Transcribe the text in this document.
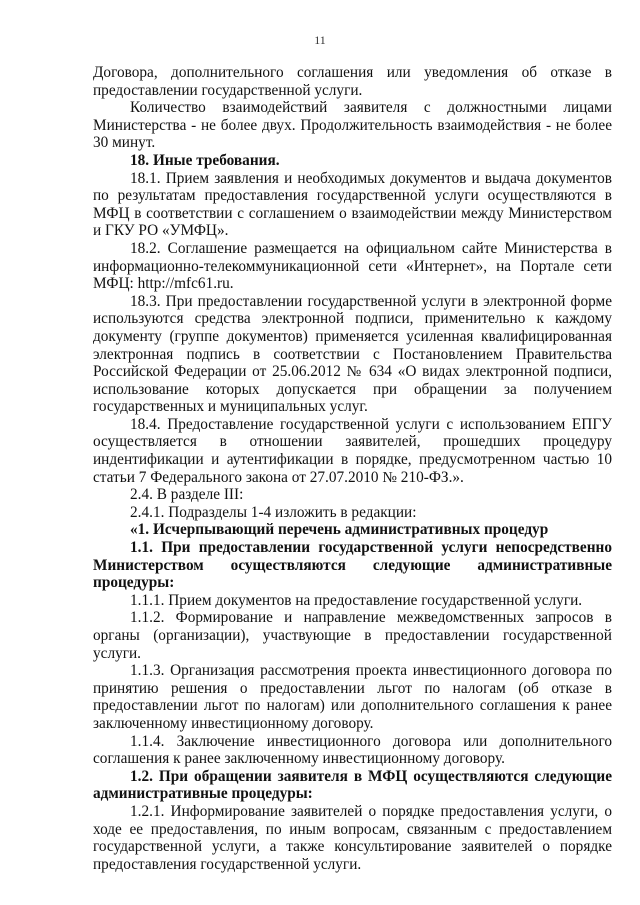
11

Договора, дополнительного соглашения или уведомления об отказе в предоставлении государственной услуги.

Количество взаимодействий заявителя с должностными лицами Министерства - не более двух. Продолжительность взаимодействия - не более 30 минут.

18. Иные требования.

18.1. Прием заявления и необходимых документов и выдача документов по результатам предоставления государственной услуги осуществляются в МФЦ в соответствии с соглашением о взаимодействии между Министерством и ГКУ РО «УМФЦ».

18.2. Соглашение размещается на официальном сайте Министерства в информационно-телекоммуникационной сети «Интернет», на Портале сети МФЦ: http://mfc61.ru.

18.3. При предоставлении государственной услуги в электронной форме используются средства электронной подписи, применительно к каждому документу (группе документов) применяется усиленная квалифицированная электронная подпись в соответствии с Постановлением Правительства Российской Федерации от 25.06.2012 № 634 «О видах электронной подписи, использование которых допускается при обращении за получением государственных и муниципальных услуг.

18.4. Предоставление государственной услуги с использованием ЕПГУ осуществляется в отношении заявителей, прошедших процедуру индентификации и аутентификации в порядке, предусмотренном частью 10 статьи 7 Федерального закона от 27.07.2010 № 210-ФЗ.».

2.4. В разделе III:

2.4.1. Подразделы 1-4 изложить в редакции:

«1. Исчерпывающий перечень административных процедур

1.1. При предоставлении государственной услуги непосредственно Министерством осуществляются следующие административные процедуры:

1.1.1. Прием документов на предоставление государственной услуги.

1.1.2. Формирование и направление межведомственных запросов в органы (организации), участвующие в предоставлении государственной услуги.

1.1.3. Организация рассмотрения проекта инвестиционного договора по принятию решения о предоставлении льгот по налогам (об отказе в предоставлении льгот по налогам) или дополнительного соглашения к ранее заключенному инвестиционному договору.

1.1.4. Заключение инвестиционного договора или дополнительного соглашения к ранее заключенному инвестиционному договору.

1.2. При обращении заявителя в МФЦ осуществляются следующие административные процедуры:

1.2.1. Информирование заявителей о порядке предоставления услуги, о ходе ее предоставления, по иным вопросам, связанным с предоставлением государственной услуги, а также консультирование заявителей о порядке предоставления государственной услуги.
